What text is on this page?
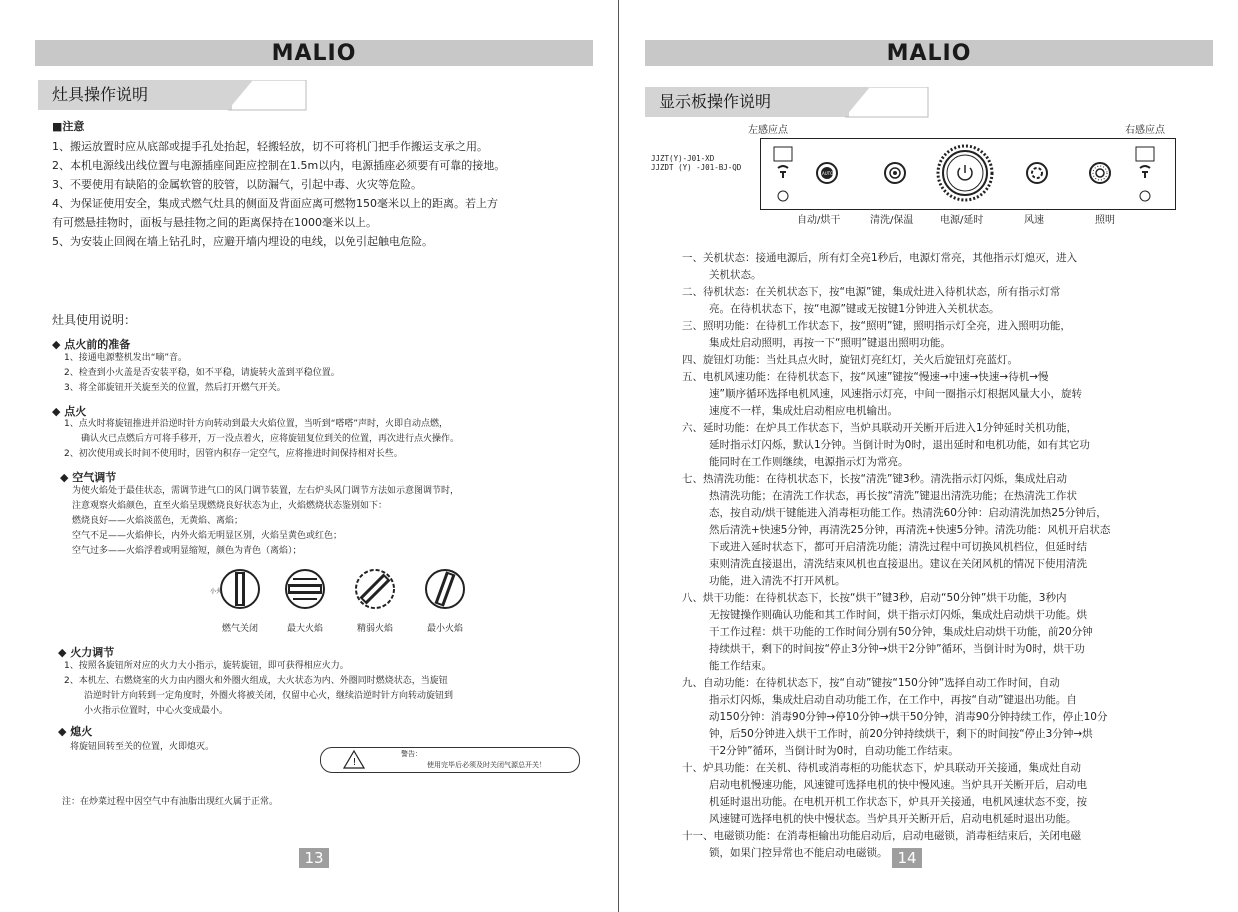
MALIO
灶具操作说明
■注意
1、搬运放置时应从底部或提手孔处抬起，轻搬轻放，切不可将机门把手作搬运支承之用。
2、本机电源线出线位置与电源插座间距应控制在1.5m以内，电源插座必须要有可靠的接地。
3、不要使用有缺陷的金属软管的胶管，以防漏气，引起中毒、火灾等危险。
4、为保证使用安全，集成式燃气灶具的侧面及背面应离可燃物150毫米以上的距离。若上方
有可燃悬挂物时，面板与悬挂物之间的距离保持在1000毫米以上。
5、为安装止回阀在墙上钻孔时，应避开墙内埋设的电线，以免引起触电危险。
灶具使用说明：
◆ 点火前的准备
1、接通电源整机发出“嘀”音。
2、检查到小火盖是否安装平稳，如不平稳，请旋转火盖到平稳位置。
3、将全部旋钮开关旋至关的位置，然后打开燃气开关。
◆ 点火
1、点火时将旋钮推进并沿逆时针方向转动到最大火焰位置，当听到“嗒嗒”声时，火即自动点燃，
确认火已点燃后方可将手移开，万一没点着火，应将旋钮复位到关的位置，再次进行点火操作。
2、初次使用或长时间不使用时，因管内积存一定空气，应将推进时间保持相对长些。
◆ 空气调节
为使火焰处于最佳状态，需调节进气口的风门调节装置，左右炉头风门调节方法如示意图调节时，
注意观察火焰颜色，直至火焰呈现燃烧良好状态为止，火焰燃烧状态鉴别如下：
燃烧良好——火焰淡蓝色，无黄焰、离焰；
空气不足——火焰伸长，内外火焰无明显区别，火焰呈黄色或红色；
空气过多——火焰浮着或明显缩短，颜色为青色（离焰）；
小火
燃气关闭	最大火焰	精弱火焰	最小火焰
◆ 火力调节
1、按照各旋钮所对应的火力大小指示，旋转旋钮，即可获得相应火力。
2、本机左、右燃烧室的火力由内圈火和外圈火组成，大火状态为内、外圈同时燃烧状态，当旋钮
沿逆时针方向转到一定角度时，外圈火将被关闭，仅留中心火，继续沿逆时针方向转动旋钮到
小火指示位置时，中心火变成最小。
◆ 熄火
将旋钮回转至关的位置，火即熄灭。
!
警告：
使用完毕后必须及时关闭气源总开关！
注：在炒菜过程中因空气中有油脂出现红火属于正常。
13
MALIO
显示板操作说明
左感应点	右感应点
JJZT(Y)-J01-XD
JJZDT (Y) -J01-BJ-QD
AUTO
自动/烘干	清洗/保温	电源/延时	风速	照明
一、关机状态：接通电源后，所有灯全亮1秒后，电源灯常亮，其他指示灯熄灭，进入
关机状态。
二、待机状态：在关机状态下，按“电源”键，集成灶进入待机状态，所有指示灯常
亮。在待机状态下，按“电源”键或无按键1分钟进入关机状态。
三、照明功能：在待机工作状态下，按“照明”键，照明指示灯全亮，进入照明功能，
集成灶启动照明，再按一下“照明”键退出照明功能。
四、旋钮灯功能：当灶具点火时，旋钮灯亮红灯，关火后旋钮灯亮蓝灯。
五、电机风速功能：在待机状态下，按“风速”键按“慢速→中速→快速→待机→慢
速”顺序循环选择电机风速，风速指示灯亮，中间一圈指示灯根据风量大小，旋转
速度不一样，集成灶启动相应电机输出。
六、延时功能：在炉具工作状态下，当炉具联动开关断开后进入1分钟延时关机功能，
延时指示灯闪烁，默认1分钟。当倒计时为0时，退出延时和电机功能，如有其它功
能同时在工作则继续，电源指示灯为常亮。
七、热清洗功能：在待机状态下，长按“清洗”键3秒。清洗指示灯闪烁，集成灶启动
热清洗功能；在清洗工作状态，再长按“清洗”键退出清洗功能；在热清洗工作状
态，按自动/烘干键能进入消毒柜功能工作。热清洗60分钟：启动清洗加热25分钟后，
然后清洗+快速5分钟，再清洗25分钟，再清洗+快速5分钟。清洗功能：风机开启状态
下或进入延时状态下，都可开启清洗功能；清洗过程中可切换风机档位，但延时结
束则清洗直接退出，清洗结束风机也直接退出。建议在关闭风机的情况下使用清洗
功能，进入清洗不打开风机。
八、烘干功能：在待机状态下，长按“烘干”键3秒，启动“50分钟”烘干功能，3秒内
无按键操作则确认功能和其工作时间，烘干指示灯闪烁，集成灶启动烘干功能。烘
干工作过程：烘干功能的工作时间分别有50分钟，集成灶启动烘干功能，前20分钟
持续烘干，剩下的时间按“停止3分钟→烘干2分钟”循环，当倒计时为0时，烘干功
能工作结束。
九、自动功能：在待机状态下，按“自动”键按“150分钟”选择自动工作时间，自动
指示灯闪烁，集成灶启动自动功能工作，在工作中，再按“自动”键退出功能。自
动150分钟：消毒90分钟→停10分钟→烘干50分钟，消毒90分钟持续工作，停止10分
钟，后50分钟进入烘干工作时，前20分钟持续烘干，剩下的时间按“停止3分钟→烘
干2分钟”循环，当倒计时为0时，自动功能工作结束。
十、炉具功能：在关机、待机或消毒柜的功能状态下，炉具联动开关接通，集成灶自动
启动电机慢速功能，风速键可选择电机的快中慢风速。当炉具开关断开后，启动电
机延时退出功能。在电机开机工作状态下，炉具开关接通，电机风速状态不变，按
风速键可选择电机的快中慢状态。当炉具开关断开后，启动电机延时退出功能。
十一、电磁锁功能：在消毒柜输出功能启动后，启动电磁锁，消毒柜结束后，关闭电磁
锁，如果门控异常也不能启动电磁锁。 14
